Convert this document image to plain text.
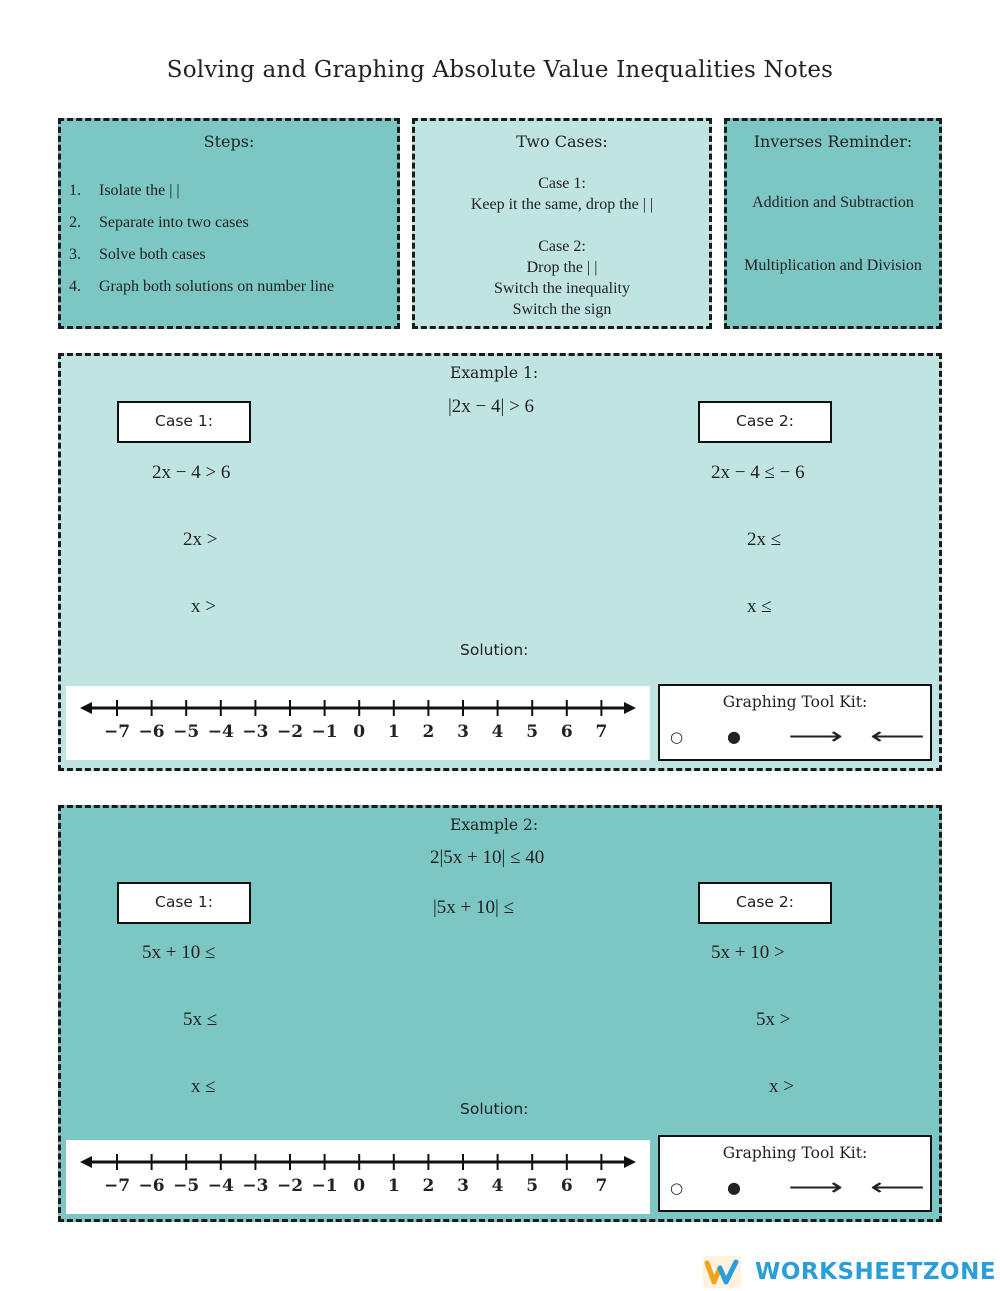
Solving and Graphing Absolute Value Inequalities Notes
Steps:
1. Isolate the | |
2. Separate into two cases
3. Solve both cases
4. Graph both solutions on number line
Two Cases:
Case 1:
Keep it the same, drop the | |
Case 2:
Drop the | |
Switch the inequality
Switch the sign
Inverses Reminder:
Addition and Subtraction
Multiplication and Division
Example 1:
|2x − 4| > 6
Case 1:	Case 2:
2x − 4 > 6
2x >
x >
2x − 4 ≤ − 6
2x ≤
x ≤
Solution:
−7 −6 −5 −4 −3 −2 −1 0 1 2 3 4 5 6 7
Graphing Tool Kit:
○	● ⟶ ⟵
Example 2:
2|5x + 10| ≤ 40
|5x + 10| ≤
Case 1:	Case 2:
5x + 10 ≤
5x ≤
x ≤
5x + 10 >
5x >
x >
Solution:
−7 −6 −5 −4 −3 −2 −1 0 1 2 3 4 5 6 7
Graphing Tool Kit:
○	● ⟶ ⟵
WORKSHEETZONE
